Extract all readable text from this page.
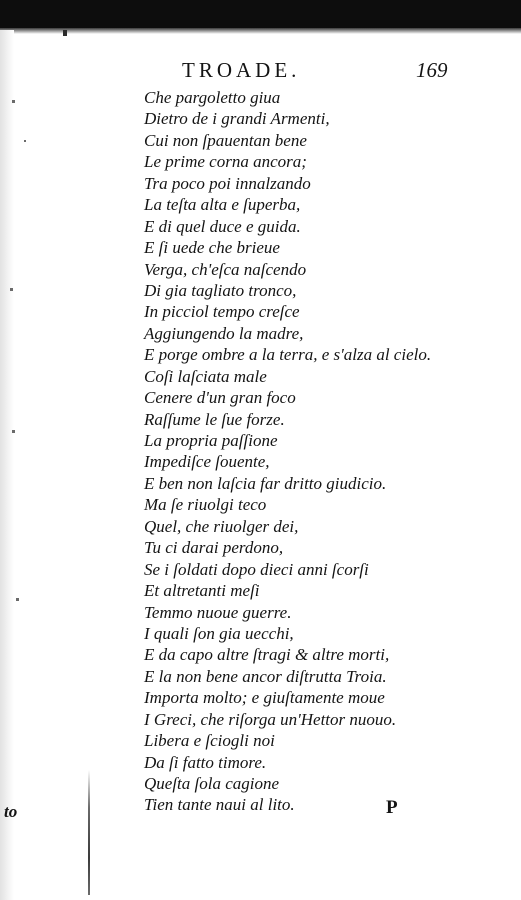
TROADE.	169
Che pargoletto giua
Dietro de i grandi Armenti,
Cui non ſpauentan bene
Le prime corna ancora;
Tra poco poi innalzando
La teſta alta e ſuperba,
E di quel duce e guida.
E ſi uede che brieue
Verga, ch'eſca naſcendo
Di gia tagliato tronco,
In picciol tempo creſce
Aggiungendo la madre,
E porge ombre a la terra, e s'alza al cielo.
Coſi laſciata male
Cenere d'un gran foco
Raſſume le ſue forze.
La propria paſſione
Impediſce ſouente,
E ben non laſcia far dritto giudicio.
Ma ſe riuolgi teco
Quel, che riuolger dei,
Tu ci darai perdono,
Se i ſoldati dopo dieci anni ſcorſi
Et altretanti meſi
Temmo nuoue guerre.
I quali ſon gia uecchi,
E da capo altre ſtragi & altre morti,
E la non bene ancor diſtrutta Troia.
Importa molto; e giuſtamente moue
I Greci, che riſorga un'Hettor nuouo.
Libera e ſciogli noi
Da ſi fatto timore.
Queſta ſola cagione
Tien tante naui al lito.
to	P
